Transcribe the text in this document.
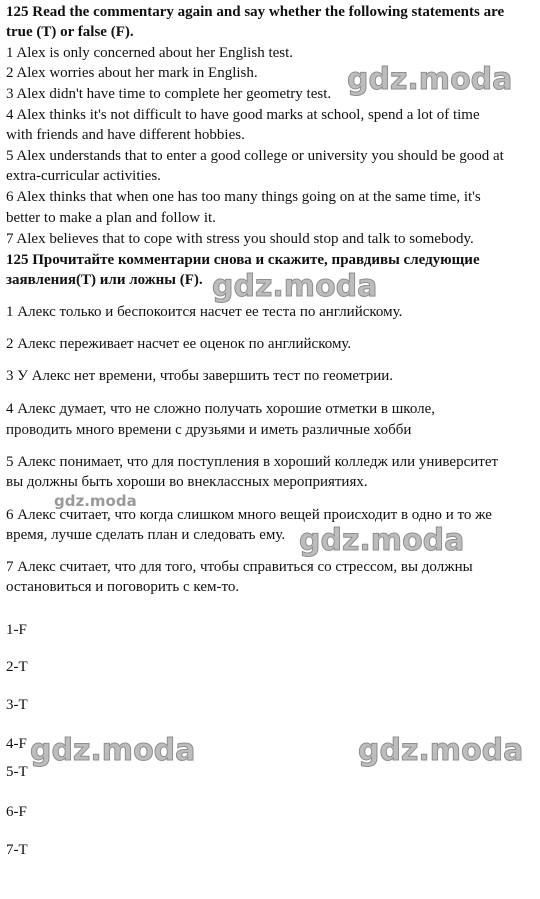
125 Read the commentary again and say whether the following statements are
true (T) or false (F).
1 Alex is only concerned about her English test.
2 Alex worries about her mark in English.
3 Alex didn't have time to complete her geometry test.
4 Alex thinks it's not difficult to have good marks at school, spend a lot of time
with friends and have different hobbies.
5 Alex understands that to enter a good college or university you should be good at
extra-curricular activities.
6 Alex thinks that when one has too many things going on at the same time, it's
better to make a plan and follow it.
7 Alex believes that to cope with stress you should stop and talk to somebody.
125 Прочитайте комментарии снова и скажите, правдивы следующие
заявления(T) или ложны (F).
1 Алекс только и беспокоится насчет ее теста по английскому.
2 Алекс переживает насчет ее оценок по английскому.
3 У Алекс нет времени, чтобы завершить тест по геометрии.
4 Алекс думает, что не сложно получать хорошие отметки в школе,
проводить много времени с друзьями и иметь различные хобби
5 Алекс понимает, что для поступления в хороший колледж или университет
вы должны быть хороши во внеклассных мероприятиях.
6 Алекс считает, что когда слишком много вещей происходит в одно и то же
время, лучше сделать план и следовать ему.
7 Алекс считает, что для того, чтобы справиться со стрессом, вы должны
остановиться и поговорить с кем-то.
1-F
2-T
3-T
4-F
5-T
6-F
7-T
gdz.moda
gdz.moda
gdz.moda
gdz.moda
gdz.moda	gdz.moda
